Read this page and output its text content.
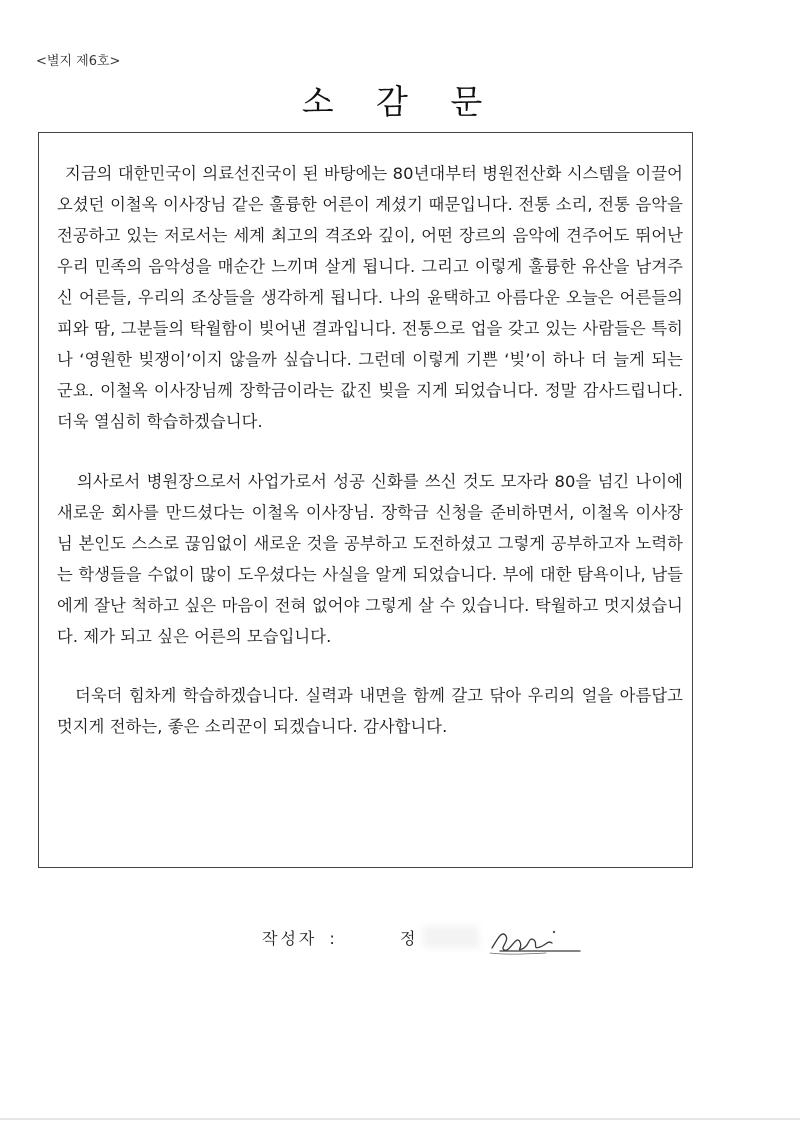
<별지 제6호>
소 감 문

지금의 대한민국이 의료선진국이 된 바탕에는 80년대부터 병원전산화 시스템을 이끌어 오셨던 이철옥 이사장님 같은 훌륭한 어른이 계셨기 때문입니다. 전통 소리, 전통 음악을 전공하고 있는 저로서는 세계 최고의 격조와 깊이, 어떤 장르의 음악에 견주어도 뛰어난 우리 민족의 음악성을 매순간 느끼며 살게 됩니다. 그리고 이렇게 훌륭한 유산을 남겨주신 어른들, 우리의 조상들을 생각하게 됩니다. 나의 윤택하고 아름다운 오늘은 어른들의 피와 땀, 그분들의 탁월함이 빚어낸 결과입니다. 전통으로 업을 갖고 있는 사람들은 특히나 ‘영원한 빚쟁이’이지 않을까 싶습니다. 그런데 이렇게 기쁜 ‘빚’이 하나 더 늘게 되는군요. 이철옥 이사장님께 장학금이라는 값진 빚을 지게 되었습니다. 정말 감사드립니다. 더욱 열심히 학습하겠습니다.

의사로서 병원장으로서 사업가로서 성공 신화를 쓰신 것도 모자라 80을 넘긴 나이에 새로운 회사를 만드셨다는 이철옥 이사장님. 장학금 신청을 준비하면서, 이철옥 이사장님 본인도 스스로 끊임없이 새로운 것을 공부하고 도전하셨고 그렇게 공부하고자 노력하는 학생들을 수없이 많이 도우셨다는 사실을 알게 되었습니다. 부에 대한 탐욕이나, 남들에게 잘난 척하고 싶은 마음이 전혀 없어야 그렇게 살 수 있습니다. 탁월하고 멋지셨습니다. 제가 되고 싶은 어른의 모습입니다.

더욱더 힘차게 학습하겠습니다. 실력과 내면을 함께 갈고 닦아 우리의 얼을 아름답고 멋지게 전하는, 좋은 소리꾼이 되겠습니다. 감사합니다.

작성자 :	정
